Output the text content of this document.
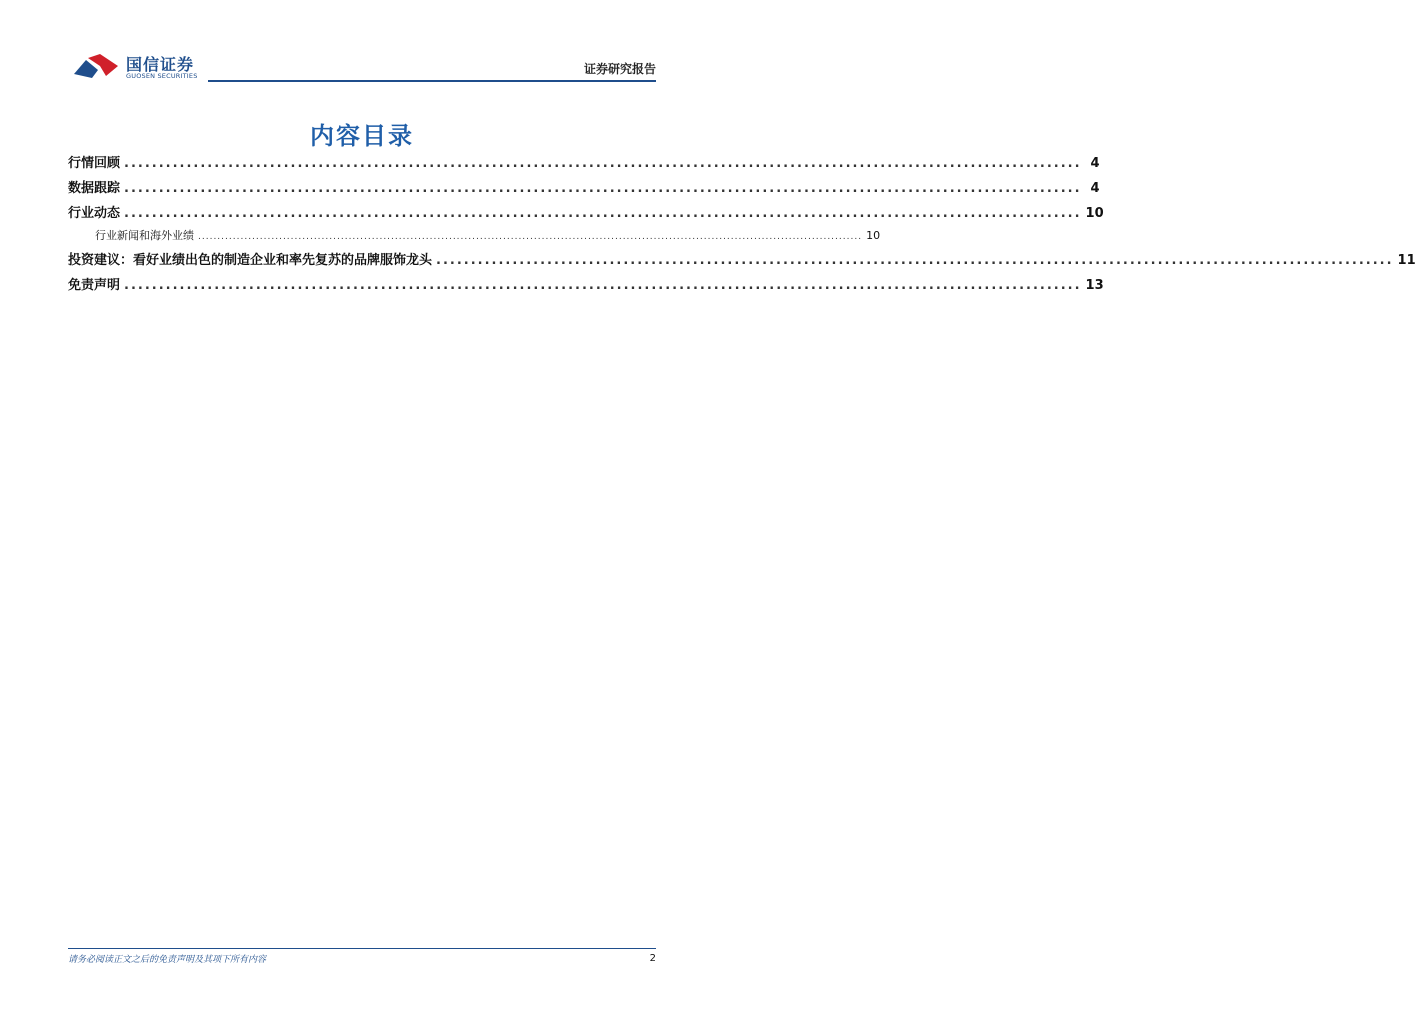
国信证券
GUOSEN SECURITIES	证券研究报告
内容目录
行情回顾 .......................................................................................................................................... 4
数据跟踪 .......................................................................................................................................... 4
行业动态 .......................................................................................................................................... 10
行业新闻和海外业绩 ............................................................................................................................................................................ 10
投资建议：看好业绩出色的制造企业和率先复苏的品牌服饰龙头 .......................................................................................................................................... 11
免责声明 .......................................................................................................................................... 13
请务必阅读正文之后的免责声明及其项下所有内容	2
